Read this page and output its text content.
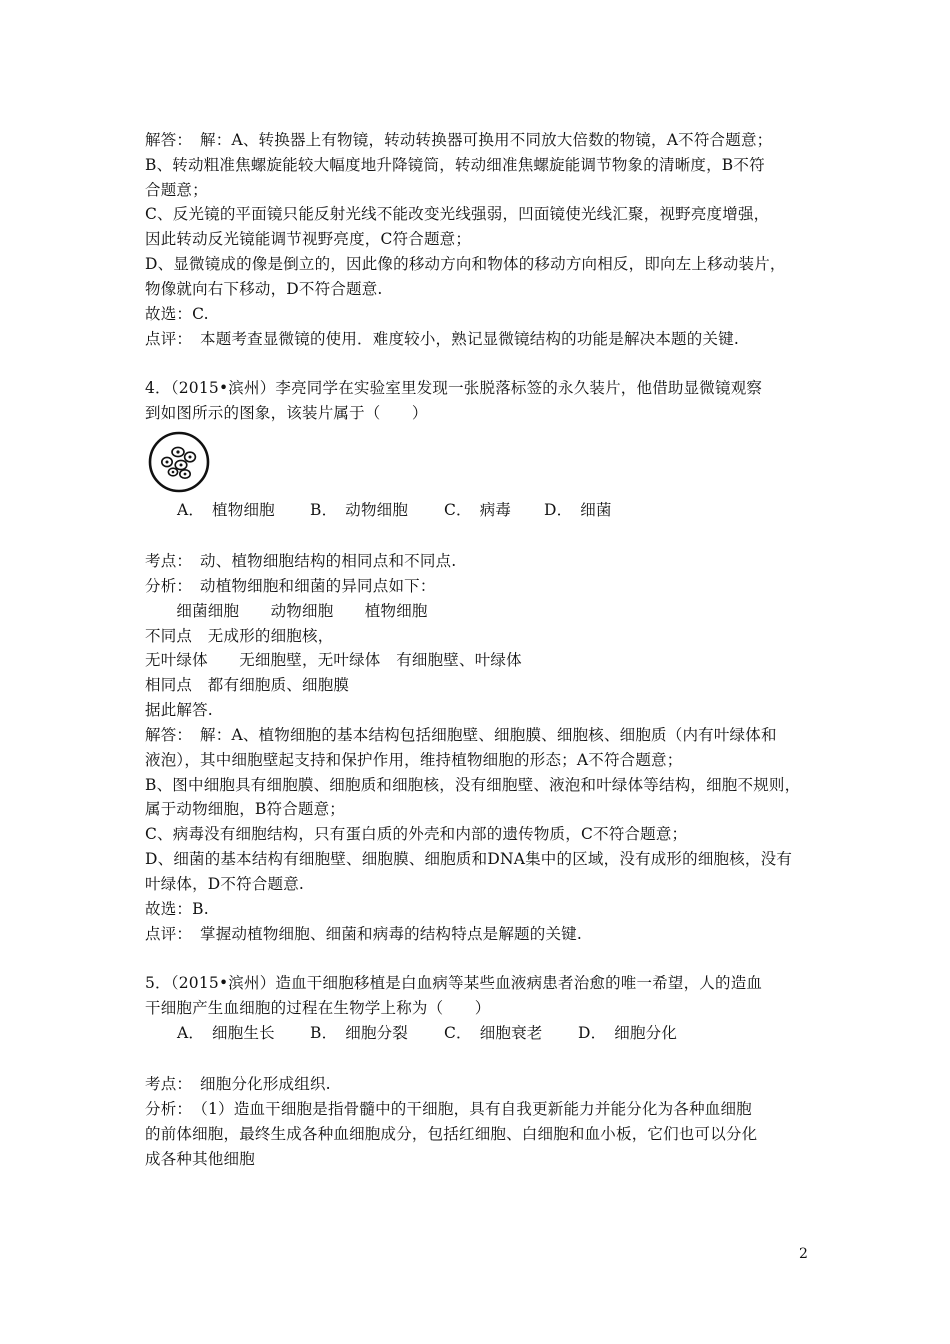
解答：　解：A、转换器上有物镜，转动转换器可换用不同放大倍数的物镜，A不符合题意；
B、转动粗准焦螺旋能较大幅度地升降镜筒，转动细准焦螺旋能调节物象的清晰度，B不符
合题意；
C、反光镜的平面镜只能反射光线不能改变光线强弱，凹面镜使光线汇聚，视野亮度增强，
因此转动反光镜能调节视野亮度，C符合题意；
D、显微镜成的像是倒立的，因此像的移动方向和物体的移动方向相反，即向左上移动装片，
物像就向右下移动，D不符合题意.
故选：C.
点评：　本题考查显微镜的使用．难度较小，熟记显微镜结构的功能是解决本题的关键.
4．（2015•滨州）李亮同学在实验室里发现一张脱落标签的永久装片，他借助显微镜观察
到如图所示的图象，该装片属于（　　）
A．　植物细胞 B．　动物细胞 C．　病毒 D．　细菌
考点：　动、植物细胞结构的相同点和不同点.
分析：　动植物细胞和细菌的异同点如下：
　　细菌细胞　　动物细胞　　植物细胞
不同点　无成形的细胞核，
无叶绿体　　无细胞壁，无叶绿体　有细胞壁、叶绿体
相同点　都有细胞质、细胞膜
据此解答.
解答：　解：A、植物细胞的基本结构包括细胞壁、细胞膜、细胞核、细胞质（内有叶绿体和
液泡），其中细胞壁起支持和保护作用，维持植物细胞的形态；A不符合题意；
B、图中细胞具有细胞膜、细胞质和细胞核，没有细胞壁、液泡和叶绿体等结构，细胞不规则，
属于动物细胞，B符合题意；
C、病毒没有细胞结构，只有蛋白质的外壳和内部的遗传物质，C不符合题意；
D、细菌的基本结构有细胞壁、细胞膜、细胞质和DNA集中的区域，没有成形的细胞核，没有
叶绿体，D不符合题意.
故选：B.
点评：　掌握动植物细胞、细菌和病毒的结构特点是解题的关键.
5．（2015•滨州）造血干细胞移植是白血病等某些血液病患者治愈的唯一希望，人的造血
干细胞产生血细胞的过程在生物学上称为（　　）
A．　细胞生长 B．　细胞分裂 C．　细胞衰老 D．　细胞分化
考点：　细胞分化形成组织.
分析：　（1）造血干细胞是指骨髓中的干细胞，具有自我更新能力并能分化为各种血细胞
的前体细胞，最终生成各种血细胞成分，包括红细胞、白细胞和血小板，它们也可以分化
成各种其他细胞
2
